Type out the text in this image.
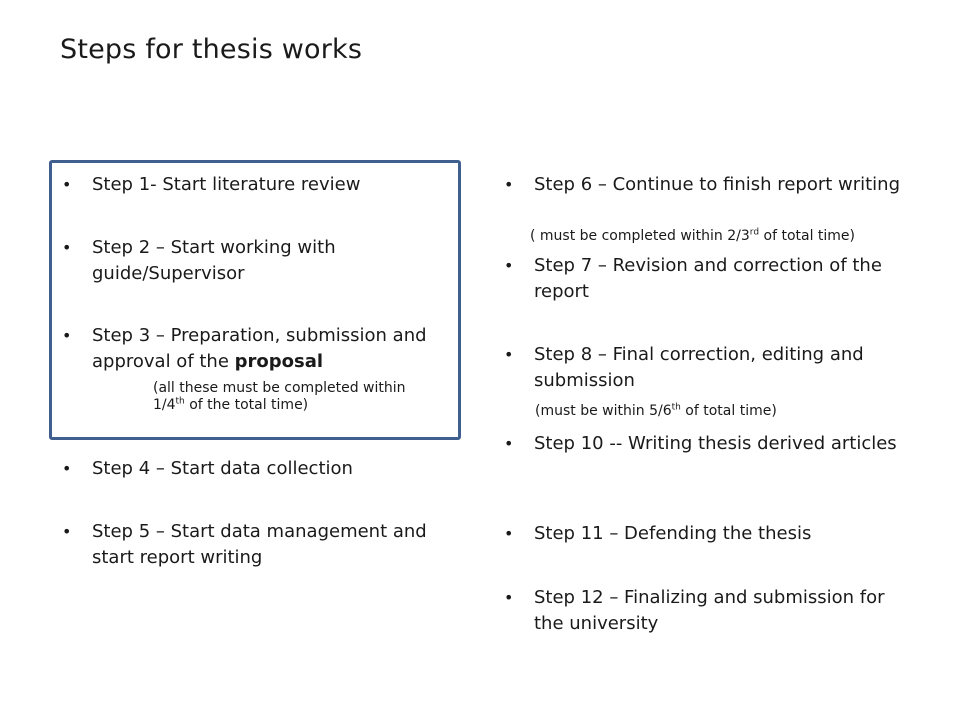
Steps for thesis works
• Step 1- Start literature review
• Step 2 – Start working with guide/Supervisor
• Step 3 – Preparation, submission and approval of the proposal
(all these must be completed within
1/4th of the total time)
• Step 4 – Start data collection
• Step 5 – Start data management and start report writing
• Step 6 – Continue to finish report writing
( must be completed within 2/3rd of total time)
• Step 7 – Revision and correction of the report
• Step 8 – Final correction, editing and submission
(must be within 5/6th of total time)
• Step 10 -- Writing thesis derived articles
• Step 11 – Defending the thesis
• Step 12 – Finalizing and submission for the university
